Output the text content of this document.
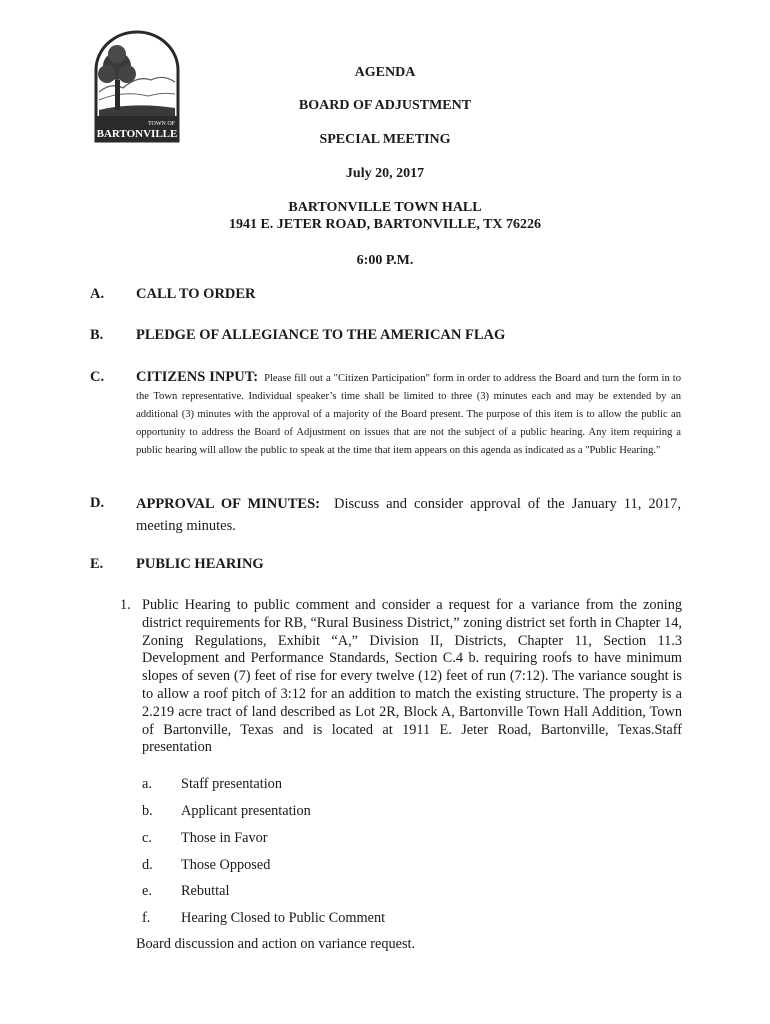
TOWN OF
BARTONVILLE
AGENDA
BOARD OF ADJUSTMENT
SPECIAL MEETING
July 20, 2017
BARTONVILLE TOWN HALL
1941 E. JETER ROAD, BARTONVILLE, TX 76226
6:00 P.M.
A. CALL TO ORDER
B. PLEDGE OF ALLEGIANCE TO THE AMERICAN FLAG
C. CITIZENS INPUT: Please fill out a "Citizen Participation" form in order to address the Board and turn the form in to the Town representative. Individual speaker’s time shall be limited to three (3) minutes each and may be extended by an additional (3) minutes with the approval of a majority of the Board present. The purpose of this item is to allow the public an opportunity to address the Board of Adjustment on issues that are not the subject of a public hearing. Any item requiring a public hearing will allow the public to speak at the time that item appears on this agenda as indicated as a "Public Hearing."
D. APPROVAL OF MINUTES: Discuss and consider approval of the January 11, 2017, meeting minutes.
E. PUBLIC HEARING
1. Public Hearing to public comment and consider a request for a variance from the zoning district requirements for RB, “Rural Business District,” zoning district set forth in Chapter 14, Zoning Regulations, Exhibit “A,” Division II, Districts, Chapter 11, Section 11.3 Development and Performance Standards, Section C.4 b. requiring roofs to have minimum slopes of seven (7) feet of rise for every twelve (12) feet of run (7:12). The variance sought is to allow a roof pitch of 3:12 for an addition to match the existing structure. The property is a 2.219 acre tract of land described as Lot 2R, Block A, Bartonville Town Hall Addition, Town of Bartonville, Texas and is located at 1911 E. Jeter Road, Bartonville, Texas.Staff presentation
a. Staff presentation
b. Applicant presentation
c. Those in Favor
d. Those Opposed
e. Rebuttal
f. Hearing Closed to Public Comment
Board discussion and action on variance request.
